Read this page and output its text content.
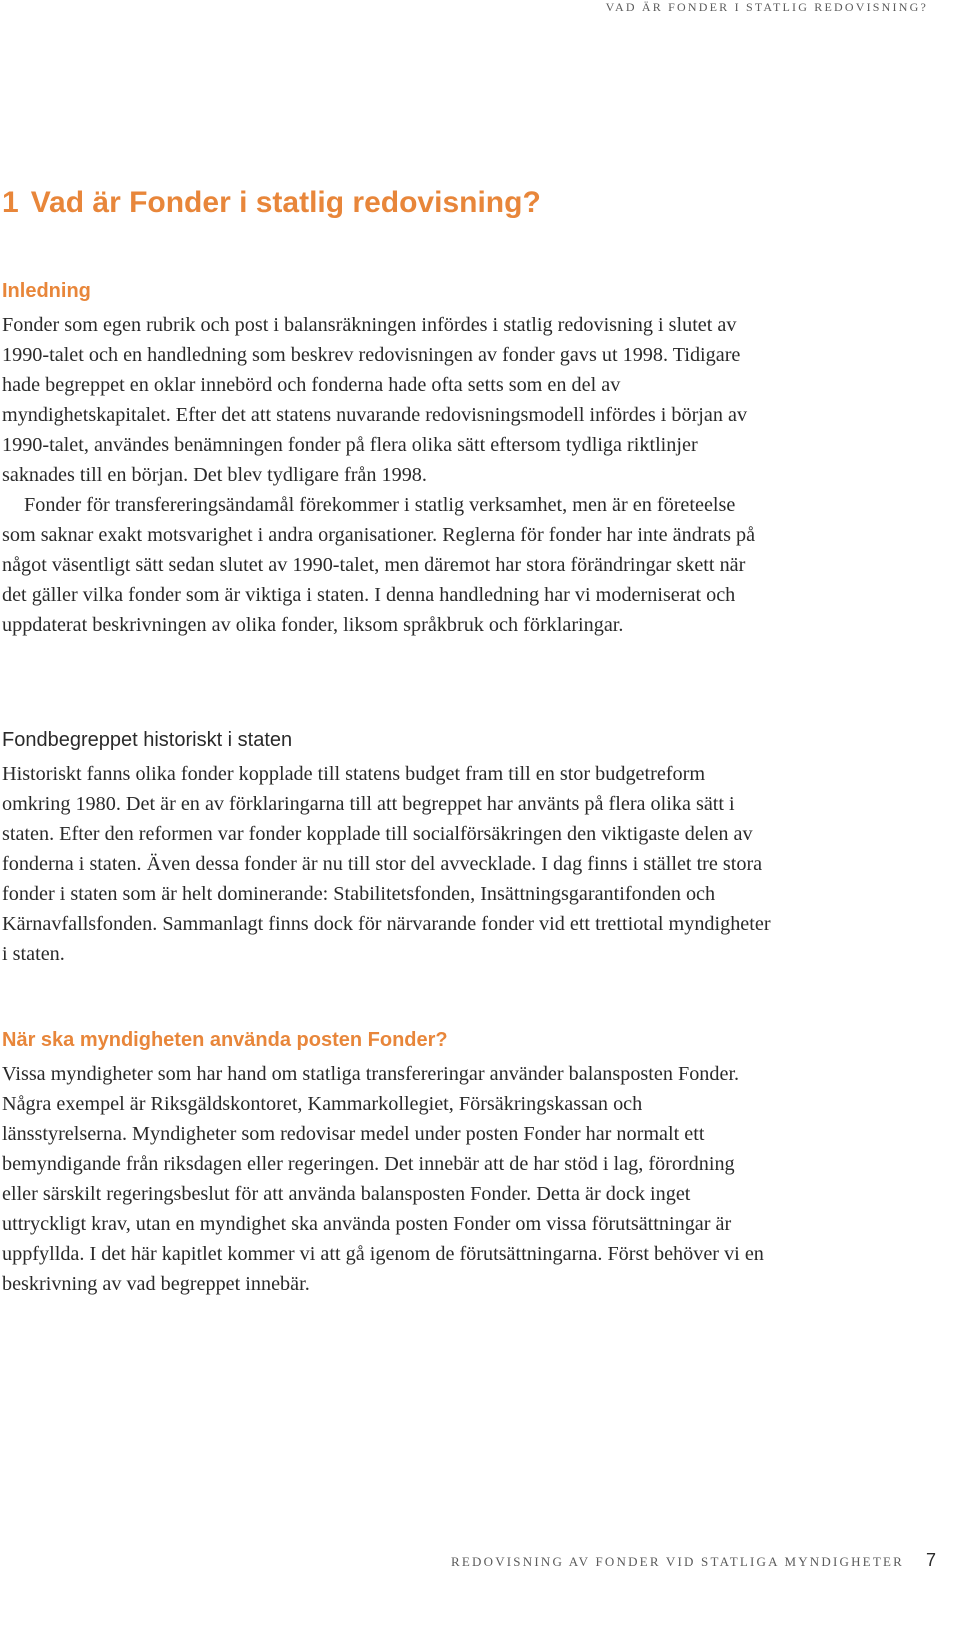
VAD ÄR FONDER I STATLIG REDOVISNING?
1 Vad är Fonder i statlig redovisning?
Inledning

Fonder som egen rubrik och post i balansräkningen infördes i statlig redovisning i slutet av 1990-talet och en handledning som beskrev redovisningen av fonder gavs ut 1998. Tidigare hade begreppet en oklar innebörd och fonderna hade ofta setts som en del av myndighetskapitalet. Efter det att statens nuvarande redovisningsmodell infördes i början av 1990-talet, användes benämningen fonder på flera olika sätt eftersom tydliga riktlinjer saknades till en början. Det blev tydligare från 1998.

Fonder för transfereringsändamål förekommer i statlig verksamhet, men är en företeelse som saknar exakt motsvarighet i andra organisationer. Reglerna för fonder har inte ändrats på något väsentligt sätt sedan slutet av 1990-talet, men däremot har stora förändringar skett när det gäller vilka fonder som är viktiga i staten. I denna handledning har vi moderniserat och uppdaterat beskrivningen av olika fonder, liksom språkbruk och förklaringar.

Fondbegreppet historiskt i staten

Historiskt fanns olika fonder kopplade till statens budget fram till en stor budgetreform omkring 1980. Det är en av förklaringarna till att begreppet har använts på flera olika sätt i staten. Efter den reformen var fonder kopplade till socialförsäkringen den viktigaste delen av fonderna i staten. Även dessa fonder är nu till stor del avvecklade. I dag finns i stället tre stora fonder i staten som är helt dominerande: Stabilitetsfonden, Insättningsgarantifonden och Kärnavfallsfonden. Sammanlagt finns dock för närvarande fonder vid ett trettiotal myndigheter i staten.

När ska myndigheten använda posten Fonder?

Vissa myndigheter som har hand om statliga transfereringar använder balansposten Fonder. Några exempel är Riksgäldskontoret, Kammarkollegiet, Försäkringskassan och länsstyrelserna. Myndigheter som redovisar medel under posten Fonder har normalt ett bemyndigande från riksdagen eller regeringen. Det innebär att de har stöd i lag, förordning eller särskilt regeringsbeslut för att använda balansposten Fonder. Detta är dock inget uttryckligt krav, utan en myndighet ska använda posten Fonder om vissa förutsättningar är uppfyllda. I det här kapitlet kommer vi att gå igenom de förutsättningarna. Först behöver vi en beskrivning av vad begreppet innebär.

REDOVISNING AV FONDER VID STATLIGA MYNDIGHETER 7
